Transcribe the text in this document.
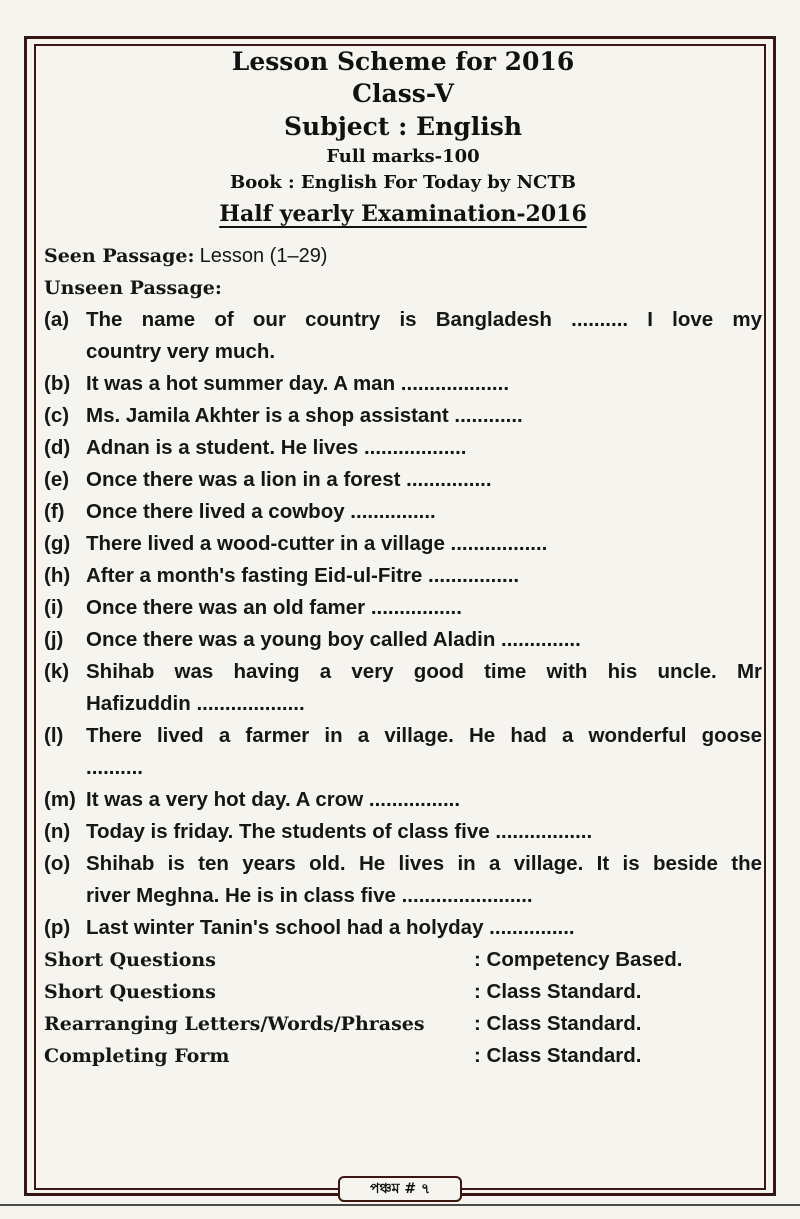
Lesson Scheme for 2016
Class-V
Subject : English
Full marks-100
Book : English For Today by NCTB
Half yearly Examination-2016
Seen Passage: Lesson (1–29)
Unseen Passage:
(a) The name of our country is Bangladesh .......... I love my
country very much.
(b) It was a hot summer day. A man ...................
(c) Ms. Jamila Akhter is a shop assistant ............
(d) Adnan is a student. He lives ..................
(e) Once there was a lion in a forest ...............
(f)	Once there lived a cowboy ...............
(g) There lived a wood-cutter in a village .................
(h) After a month's fasting Eid-ul-Fitre ................
(i)	Once there was an old famer ................
(j)	Once there was a young boy called Aladin ..............
(k) Shihab was having a very good time with his uncle. Mr
Hafizuddin ...................
(l)	There lived a farmer in a village. He had a wonderful goose
..........
(m) It was a very hot day. A crow ................
(n) Today is friday. The students of class five .................
(o) Shihab is ten years old. He lives in a village. It is beside the
river Meghna. He is in class five .......................
(p) Last winter Tanin's school had a holyday ...............
Short Questions	: Competency Based.
Short Questions	: Class Standard.
Rearranging Letters/Words/Phrases	: Class Standard.
Completing Form	: Class Standard.
পঞ্চম # ৭
